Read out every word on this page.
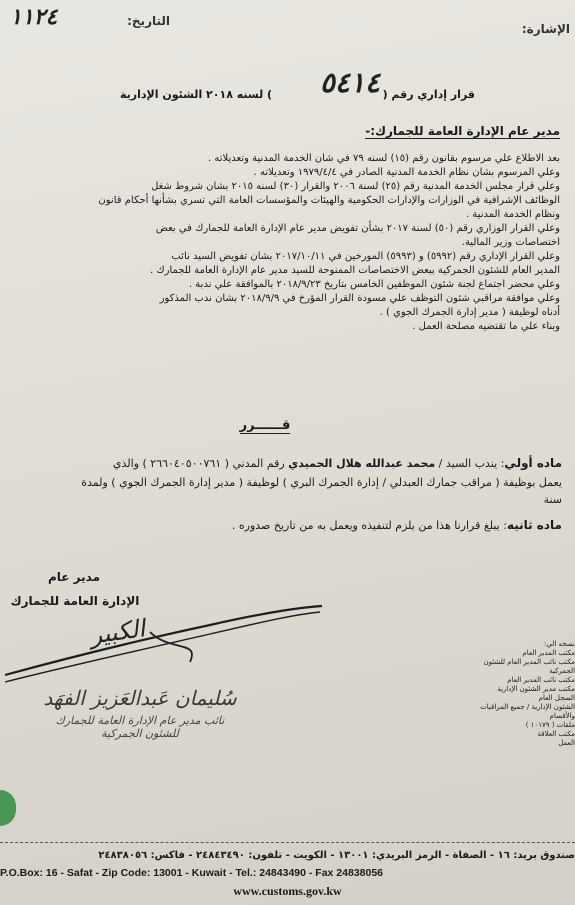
التاريخ:
١١٢٤	الإشارة:
قرار إداري رقم (
٥٤١٤
) لسنه ٢٠١٨ الشئون الإدارية
مدير عام الإدارة العامة للجمارك:-
بعد الاطلاع علي مرسوم بقانون رقم (١٥) لسنه ٧٩ في شان الخدمة المدنية وتعديلاته .
وعلي المرسوم بشان نظام الخدمة المدنية الصادر في ١٩٧٩/٤/٤ وتعديلاته .
وعلي قرار مجلس الخدمة المدنية رقم (٢٥) لسنة ٢٠٠٦ والقرار (٣٠) لسنه ٢٠١٥ بشان شروط شغل
الوظائف الإشرافية في الوزارات والإدارات الحكومية والهيئات والمؤسسات العامة التي تسري بشأنها أحكام قانون
ونظام الخدمة المدنية .
وعلي القرار الوزاري رقم (٥٠) لسنة ٢٠١٧ بشأن تفويض مدير عام الإدارة العامة للجمارك في بعض
اختصاصات وزير المالية.
وعلي القرار الإداري رقم (٥٩٩٢) و (٥٩٩٣) المورخين في ٢٠١٧/١٠/١١ بشان تفويض السيد نائب
المدير العام للشئون الجمركية ببعض الاختصاصات الممنوحة للسيد مدير عام الإدارة العامة للجمارك .
وعلي محضر اجتماع لجنة شئون الموظفين الخامس بتاريخ ٢٠١٨/٩/٢٣ بالموافقة علي ندبة .
وعلي موافقة مراقبي شئون التوظف علي مسودة القرار المؤرخ في ٢٠١٨/٩/٩ بشان ندب المذكور
أدناه لوظيفة ( مدير إدارة الجمرك الجوي ) .
وبناء علي ما تقتضيه مصلحة العمل .
قــــــرر
ماده أولي: يندب السيد / محمد عبدالله هلال الحميدي رقم المدني ( ٢٦٦٠٤٠٥٠٠٧٦١ ) والذي
يعمل بوظيفة ( مراقب جمارك العبدلي / إدارة الجمرك البري ) لوظيفة ( مدير إدارة الجمرك الجوي ) ولمدة
سنة
ماده ثانيه: يبلغ قرارنا هذا من يلزم لتنفيذه ويعمل به من تاريخ صدوره .
مدير عام
الإدارة العامة للجمارك
الكبير
سُليمان عَبدالعَزيز الفهَد
نائب مدير عام الإدارة العامة للجمارك
للشئون الجمركية
نسخه الي:
مكتب المدير العام
مكتب نائب المدير العام للشئون الجمركية
مكتب نائب المدير العام
مكتب مدير الشئون الإدارية
السجل العام
الشئون الإدارية / جميع المراقبات والأقسام
ملفات ( ١٠١٧٩ )
مكتب العلاقة
العمل
صندوق بريد: ١٦ - الصفاة - الرمز البريدي: ١٣٠٠١ - الكويت - تلفون: ٢٤٨٤٣٤٩٠ - فاكس: ٢٤٨٣٨٠٥٦
P.O.Box: 16 - Safat - Zip Code: 13001 - Kuwait - Tel.: 24843490 - Fax 24838056
www.customs.gov.kw
